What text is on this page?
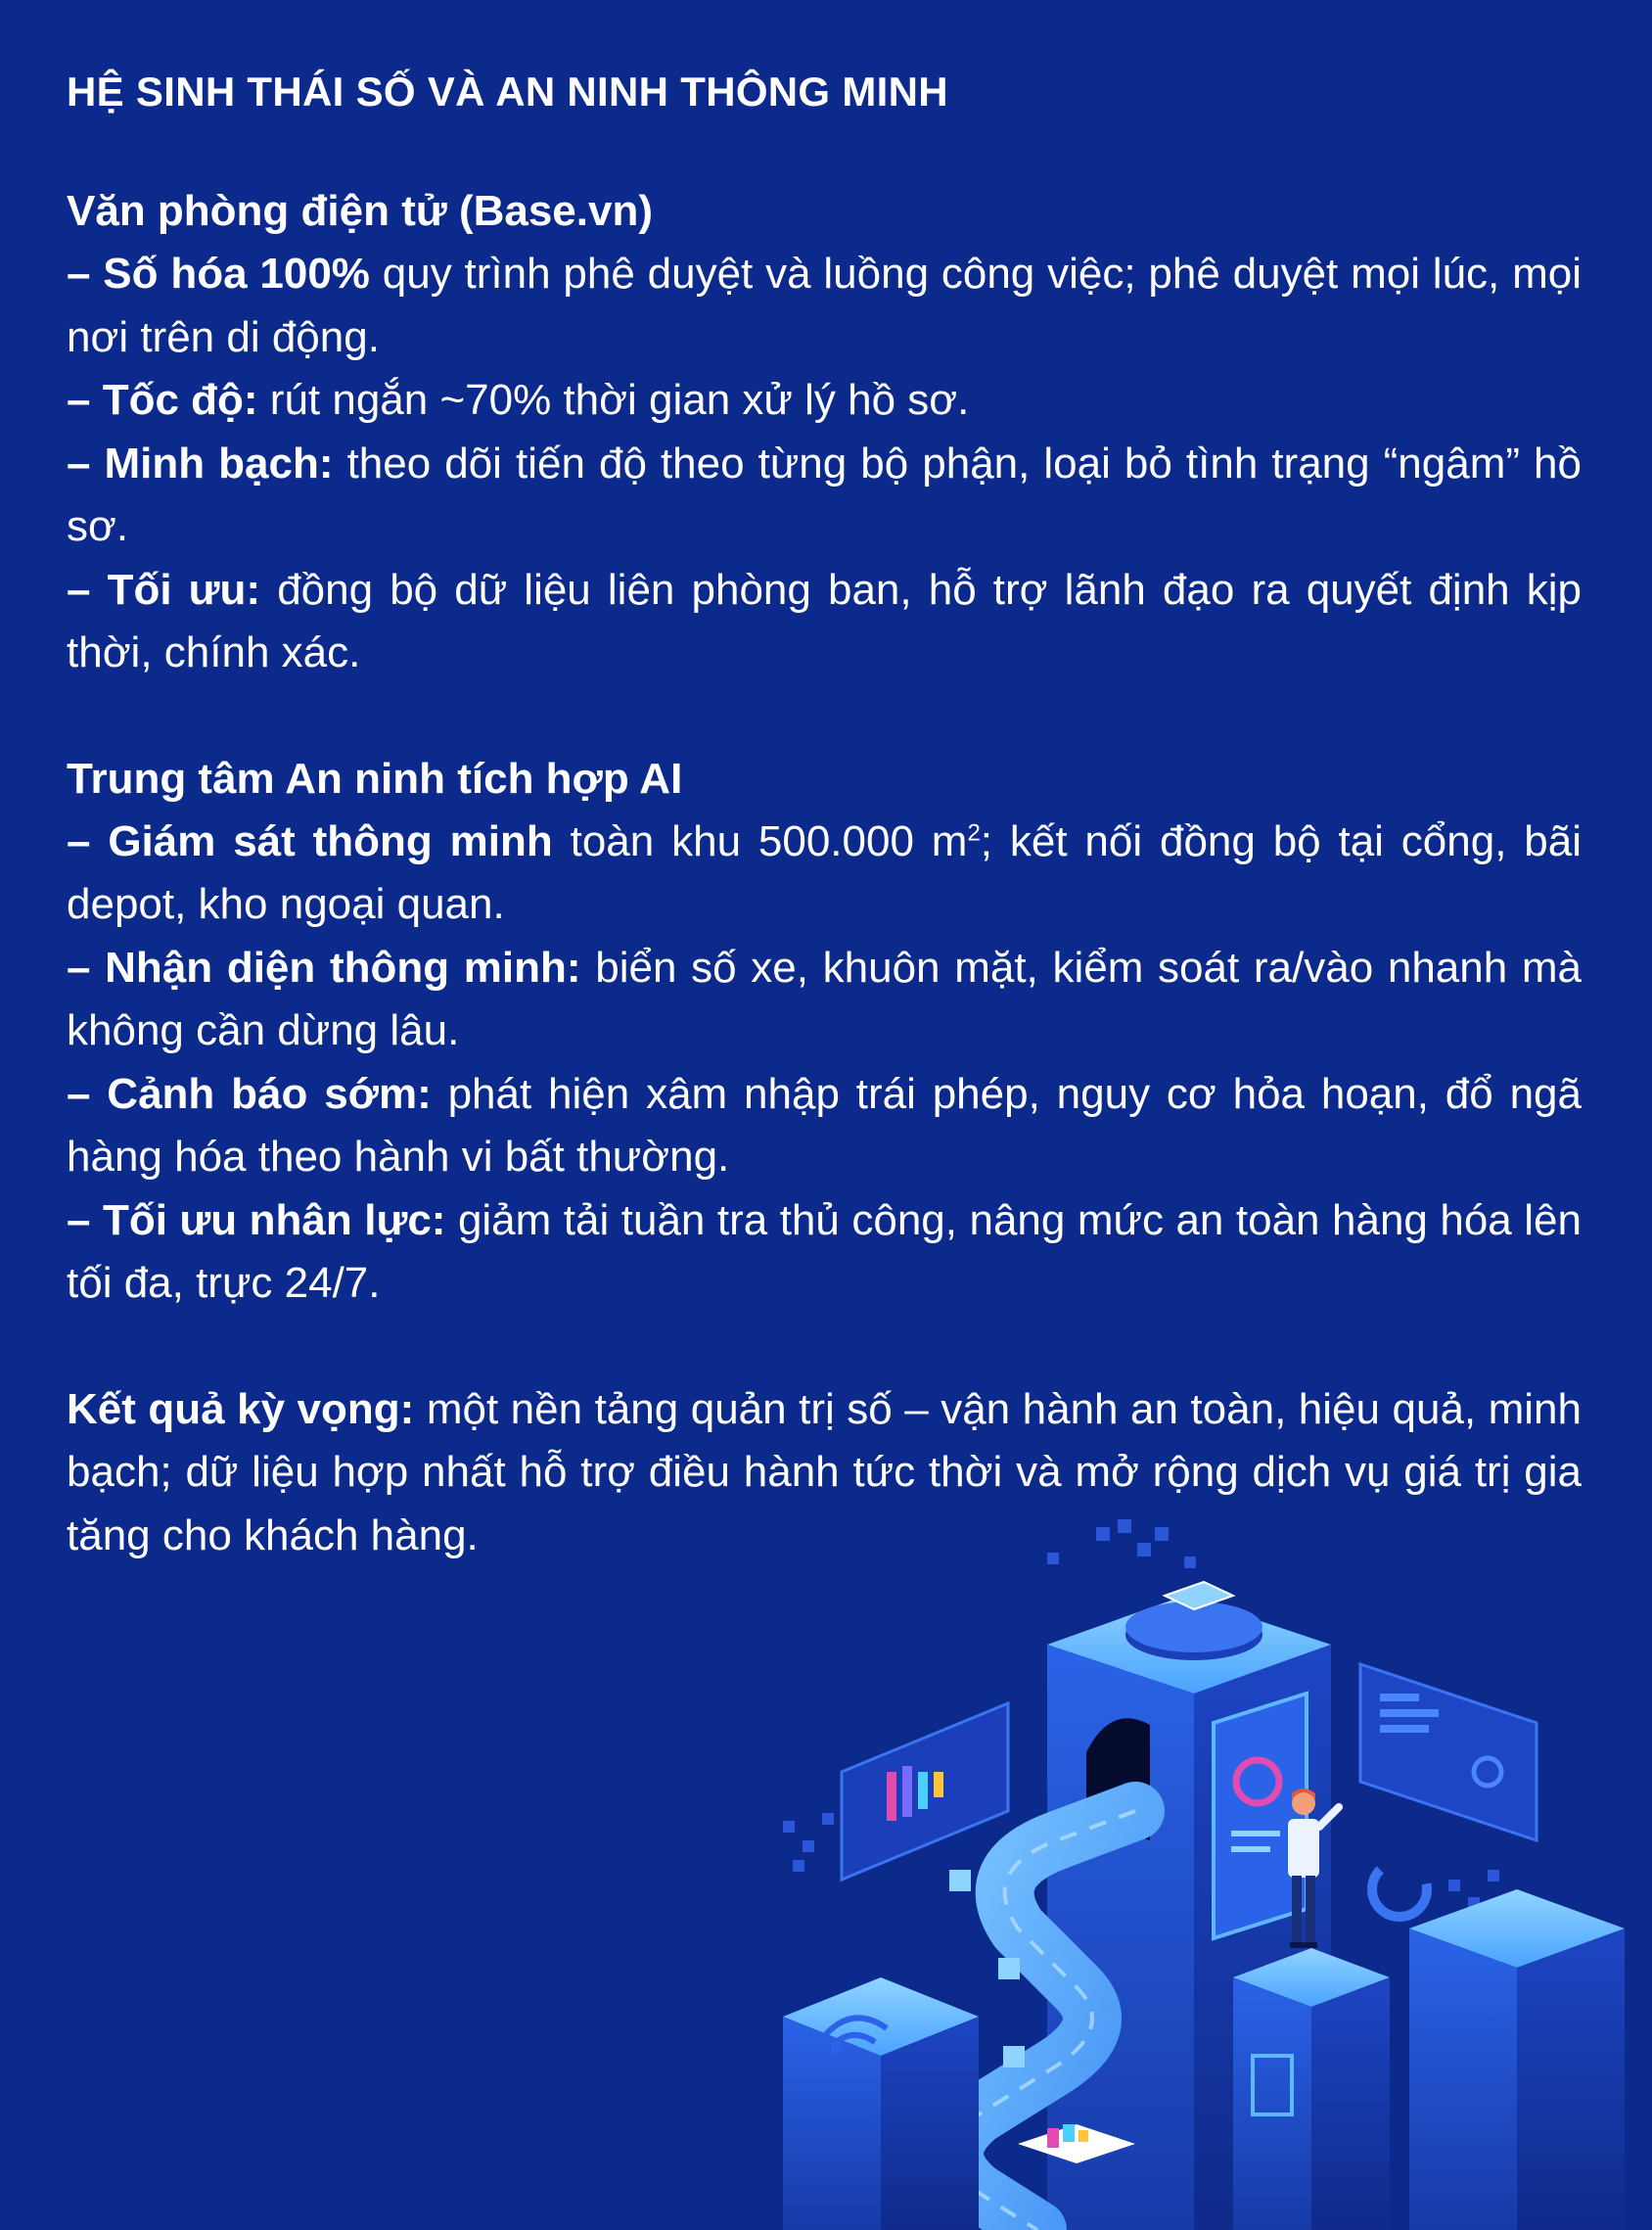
HỆ SINH THÁI SỐ VÀ AN NINH THÔNG MINH

Văn phòng điện tử (Base.vn)

– Số hóa 100% quy trình phê duyệt và luồng công việc; phê duyệt mọi lúc, mọi nơi trên di động.

– Tốc độ: rút ngắn ~70% thời gian xử lý hồ sơ.

– Minh bạch: theo dõi tiến độ theo từng bộ phận, loại bỏ tình trạng “ngâm” hồ sơ.

– Tối ưu: đồng bộ dữ liệu liên phòng ban, hỗ trợ lãnh đạo ra quyết định kịp thời, chính xác.

Trung tâm An ninh tích hợp AI

– Giám sát thông minh toàn khu 500.000 $m^2$; kết nối đồng bộ tại cổng, bãi depot, kho ngoại quan.

– Nhận diện thông minh: biển số xe, khuôn mặt, kiểm soát ra/vào nhanh mà không cần dừng lâu.

– Cảnh báo sớm: phát hiện xâm nhập trái phép, nguy cơ hỏa hoạn, đổ ngã hàng hóa theo hành vi bất thường.

– Tối ưu nhân lực: giảm tải tuần tra thủ công, nâng mức an toàn hàng hóa lên tối đa, trực 24/7.

Kết quả kỳ vọng: một nền tảng quản trị số – vận hành an toàn, hiệu quả, minh bạch; dữ liệu hợp nhất hỗ trợ điều hành tức thời và mở rộng dịch vụ giá trị gia tăng cho khách hàng.
